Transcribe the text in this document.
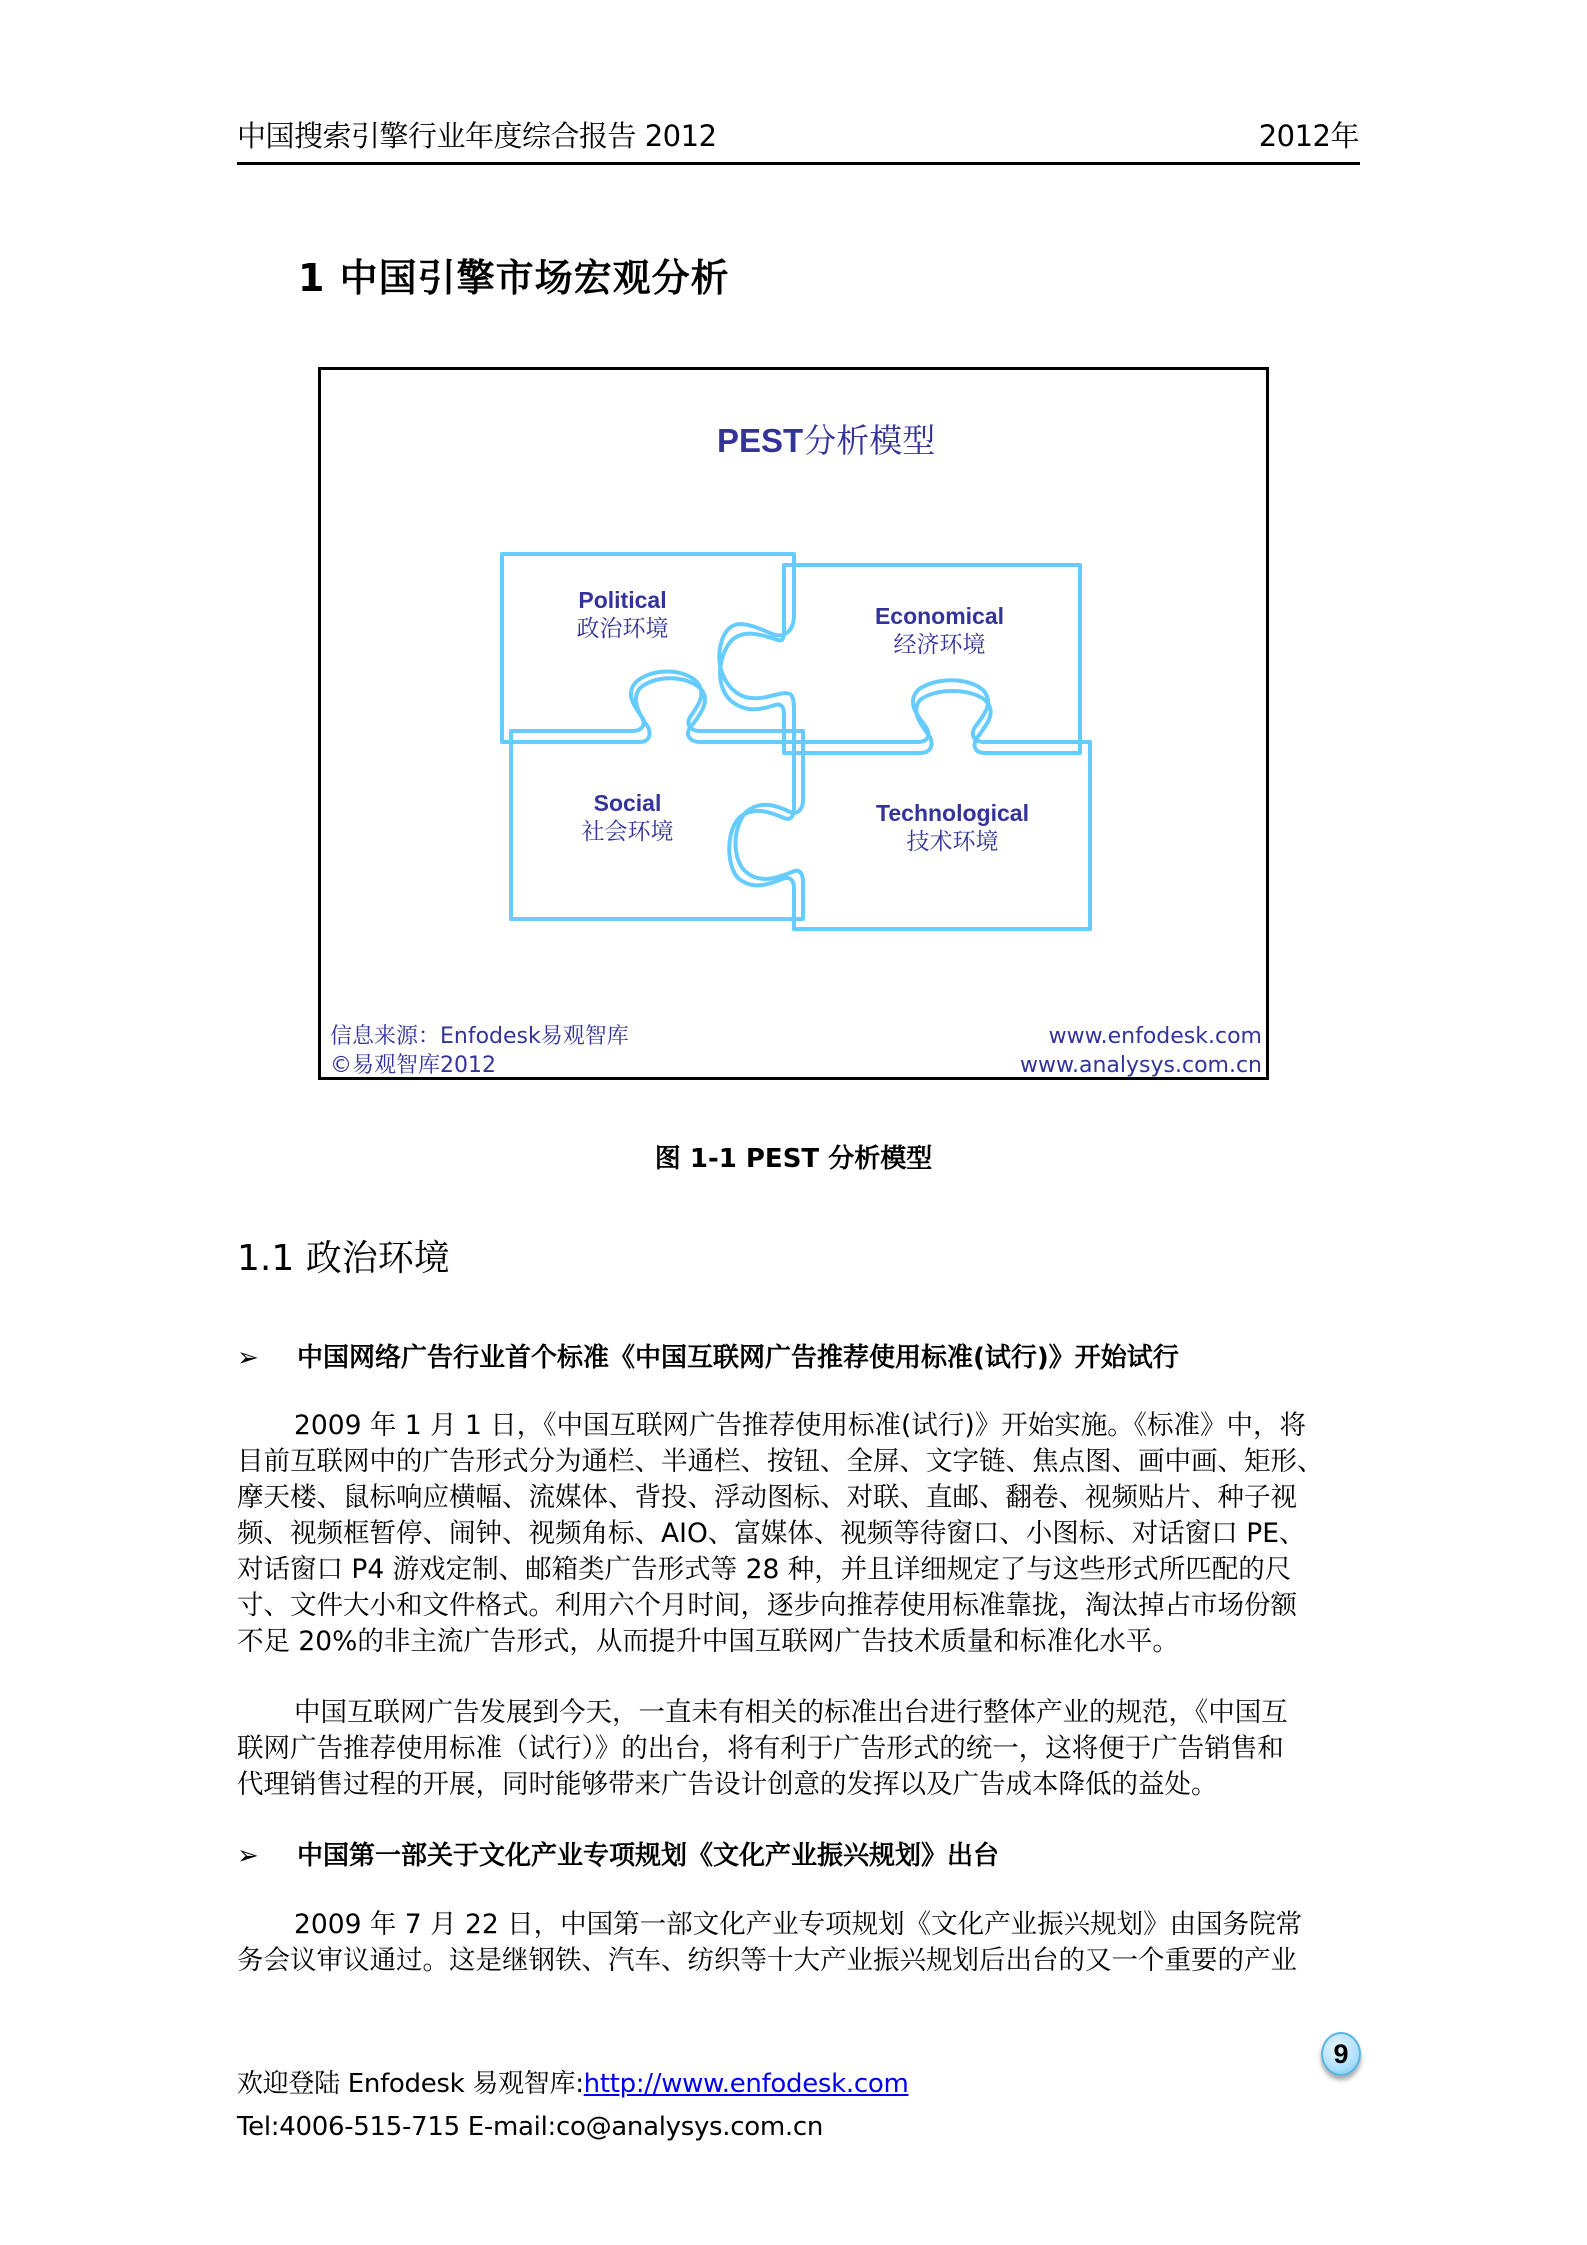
中国搜索引擎行业年度综合报告 2012	2012年
1 中国引擎市场宏观分析
PEST分析模型
Political
政治环境	Economical
经济环境
Social
社会环境
Technological
技术环境
信息来源：Enfodesk易观智库
©易观智库2012
www.enfodesk.com
www.analysys.com.cn
图 1-1 PEST 分析模型
1.1 政治环境
➢ 中国网络广告行业首个标准《中国互联网广告推荐使用标准(试行)》开始试行

2009 年 1 月 1 日，《中国互联网广告推荐使用标准(试行)》开始实施。《标准》中，将

目前互联网中的广告形式分为通栏、半通栏、按钮、全屏、文字链、焦点图、画中画、矩形、

摩天楼、鼠标响应横幅、流媒体、背投、浮动图标、对联、直邮、翻卷、视频贴片、种子视

频、视频框暂停、闹钟、视频角标、AIO、富媒体、视频等待窗口、小图标、对话窗口 PE、

对话窗口 P4 游戏定制、邮箱类广告形式等 28 种，并且详细规定了与这些形式所匹配的尺

寸、文件大小和文件格式。利用六个月时间，逐步向推荐使用标准靠拢，淘汰掉占市场份额

不足 20%的非主流广告形式，从而提升中国互联网广告技术质量和标准化水平。

中国互联网广告发展到今天，一直未有相关的标准出台进行整体产业的规范，《中国互

联网广告推荐使用标准（试行）》的出台，将有利于广告形式的统一，这将便于广告销售和

代理销售过程的开展，同时能够带来广告设计创意的发挥以及广告成本降低的益处。

➢ 中国第一部关于文化产业专项规划《文化产业振兴规划》出台

2009 年 7 月 22 日，中国第一部文化产业专项规划《文化产业振兴规划》由国务院常

务会议审议通过。这是继钢铁、汽车、纺织等十大产业振兴规划后出台的又一个重要的产业

9
欢迎登陆 Enfodesk 易观智库:http://www.enfodesk.com
Tel:4006-515-715 E-mail:co@analysys.com.cn
